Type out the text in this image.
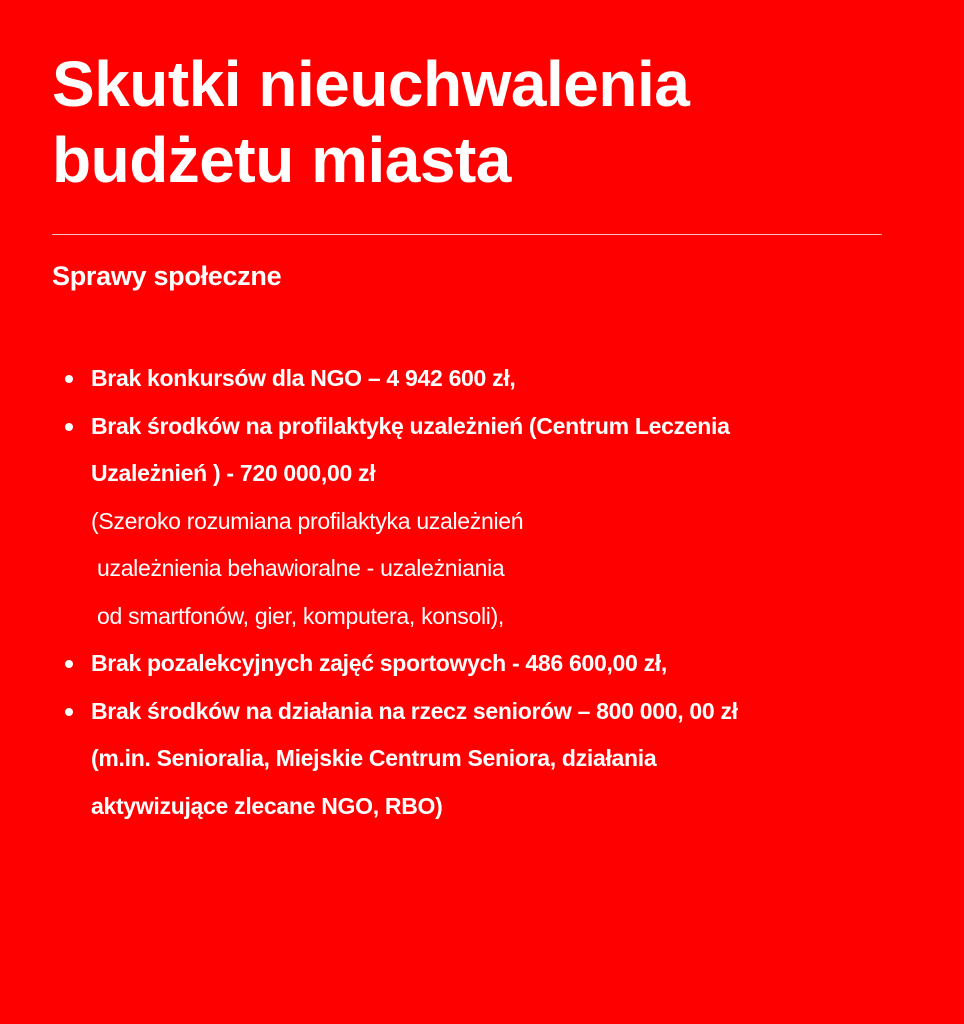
Skutki nieuchwalenia
budżetu miasta
Sprawy społeczne
Brak konkursów dla NGO – 4 942 600 zł,
Brak środków na profilaktykę uzależnień (Centrum Leczenia
Uzależnień ) - 720 000,00 zł
(Szeroko rozumiana profilaktyka uzależnień
uzależnienia behawioralne - uzależniania
od smartfonów, gier, komputera, konsoli),
Brak pozalekcyjnych zajęć sportowych - 486 600,00 zł,
Brak środków na działania na rzecz seniorów – 800 000, 00 zł
(m.in. Senioralia, Miejskie Centrum Seniora, działania
aktywizujące zlecane NGO, RBO)
